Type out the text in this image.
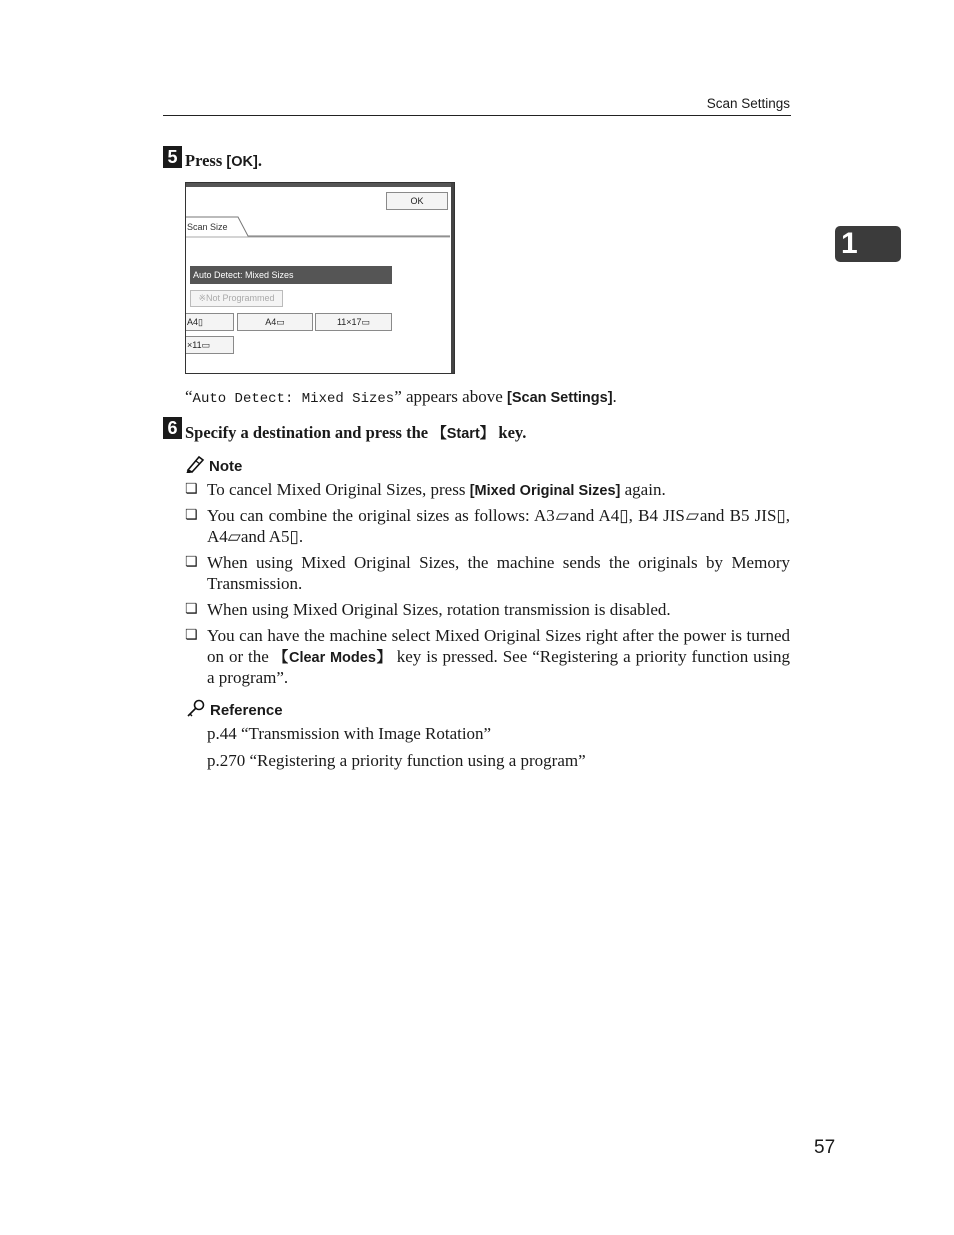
Scan Settings
1
5 Press [OK].
OK
Scan Size
Auto Detect: Mixed Sizes
※Not Programmed
A4▯	A4▭	11×17▭
×11▭
“Auto Detect: Mixed Sizes” appears above [Scan Settings].
6 Specify a destination and press the 【Start】 key.
Note
❏ To cancel Mixed Original Sizes, press [Mixed Original Sizes] again.
❏ You can combine the original sizes as follows: A3▱and A4▯, B4 JIS▱and B5 JIS▯, A4▱and A5▯.
❏ When using Mixed Original Sizes, the machine sends the originals by Memory Transmission.
❏ When using Mixed Original Sizes, rotation transmission is disabled.
❏ You can have the machine select Mixed Original Sizes right after the power is turned on or the 【Clear Modes】 key is pressed. See “Registering a priority function using a program”.
Reference
p.44 “Transmission with Image Rotation”
p.270 “Registering a priority function using a program”
57
